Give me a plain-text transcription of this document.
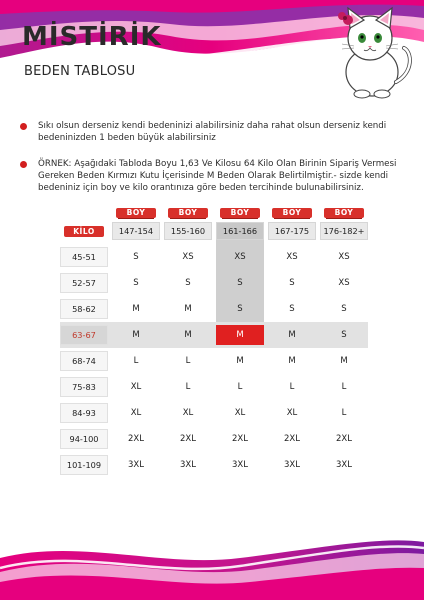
MİSTİRİK
BEDEN TABLOSU
Sıkı olsun derseniz kendi bedeninizi alabilirsiniz daha rahat olsun derseniz kendi bedeninizden 1 beden büyük alabilirsiniz
ÖRNEK: Aşağıdaki Tabloda Boyu 1,63 Ve Kilosu 64 Kilo Olan Birinin Sipariş Vermesi Gereken Beden Kırmızı Kutu İçerisinde M Beden Olarak Belirtilmiştir.- sizde kendi bedeniniz için boy ve kilo orantınıza göre beden tercihinde bulunabilirsiniz.
BOY	BOY	BOY	BOY	BOY
KİLO	147-154	155-160	161-166	167-175	176-182+
45-51	S	XS	XS	XS	XS
52-57	S	S	S	S	XS
58-62	M	M	S	S	S
63-67	M	M	M	M	S
68-74	L	L	M	M	M
75-83	XL	L	L	L	L
84-93	XL	XL	XL	XL	L
94-100	2XL	2XL	2XL	2XL	2XL
101-109	3XL	3XL	3XL	3XL	3XL
